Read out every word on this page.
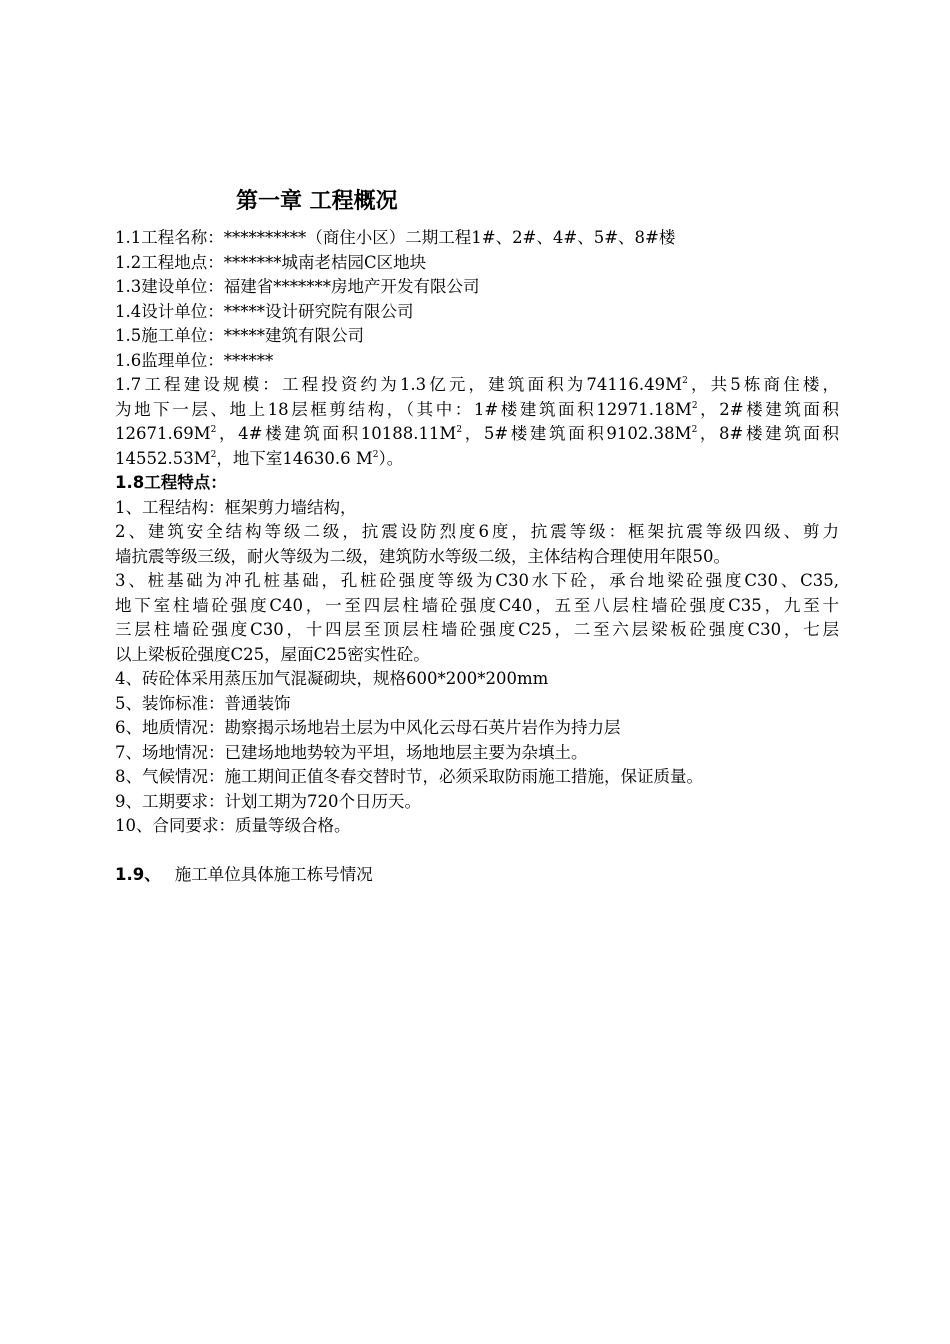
第一章 工程概况
1.1工程名称：**********（商住小区）二期工程1#、2#、4#、5#、8#楼
1.2工程地点：*******城南老桔园C区地块
1.3建设单位：福建省*******房地产开发有限公司
1.4设计单位：*****设计研究院有限公司
1.5施工单位：*****建筑有限公司
1.6监理单位：******
1.7工程建设规模：工程投资约为1.3亿元，建筑面积为$74116.49M^2$，共5栋商住楼，
为地下一层、地上18层框剪结构，（其中：1#楼建筑面积$12971.18M^2$，2#楼建筑面积
$12671.69M^2$，4#楼建筑面积$10188.11M^2$，5#楼建筑面积$9102.38M^2$，8#楼建筑面积
$14552.53M^2$，地下室14630.6 $M^2$）。
1.8工程特点：
1、工程结构：框架剪力墙结构，
2、建筑安全结构等级二级，抗震设防烈度6度，抗震等级：框架抗震等级四级、剪力
墙抗震等级三级，耐火等级为二级，建筑防水等级二级，主体结构合理使用年限50。
3、桩基础为冲孔桩基础，孔桩砼强度等级为C30水下砼，承台地梁砼强度C30、C35,
地下室柱墙砼强度C40，一至四层柱墙砼强度C40，五至八层柱墙砼强度C35，九至十
三层柱墙砼强度C30，十四层至顶层柱墙砼强度C25，二至六层梁板砼强度C30，七层
以上梁板砼强度C25，屋面C25密实性砼。
4、砖砼体采用蒸压加气混凝砌块，规格600*200*200mm
5、装饰标准：普通装饰
6、地质情况：勘察揭示场地岩土层为中风化云母石英片岩作为持力层
7、场地情况：已建场地地势较为平坦，场地地层主要为杂填土。
8、气候情况：施工期间正值冬春交替时节，必须采取防雨施工措施，保证质量。
9、工期要求：计划工期为720个日历天。
10、合同要求：质量等级合格。
1.9、 施工单位具体施工栋号情况
